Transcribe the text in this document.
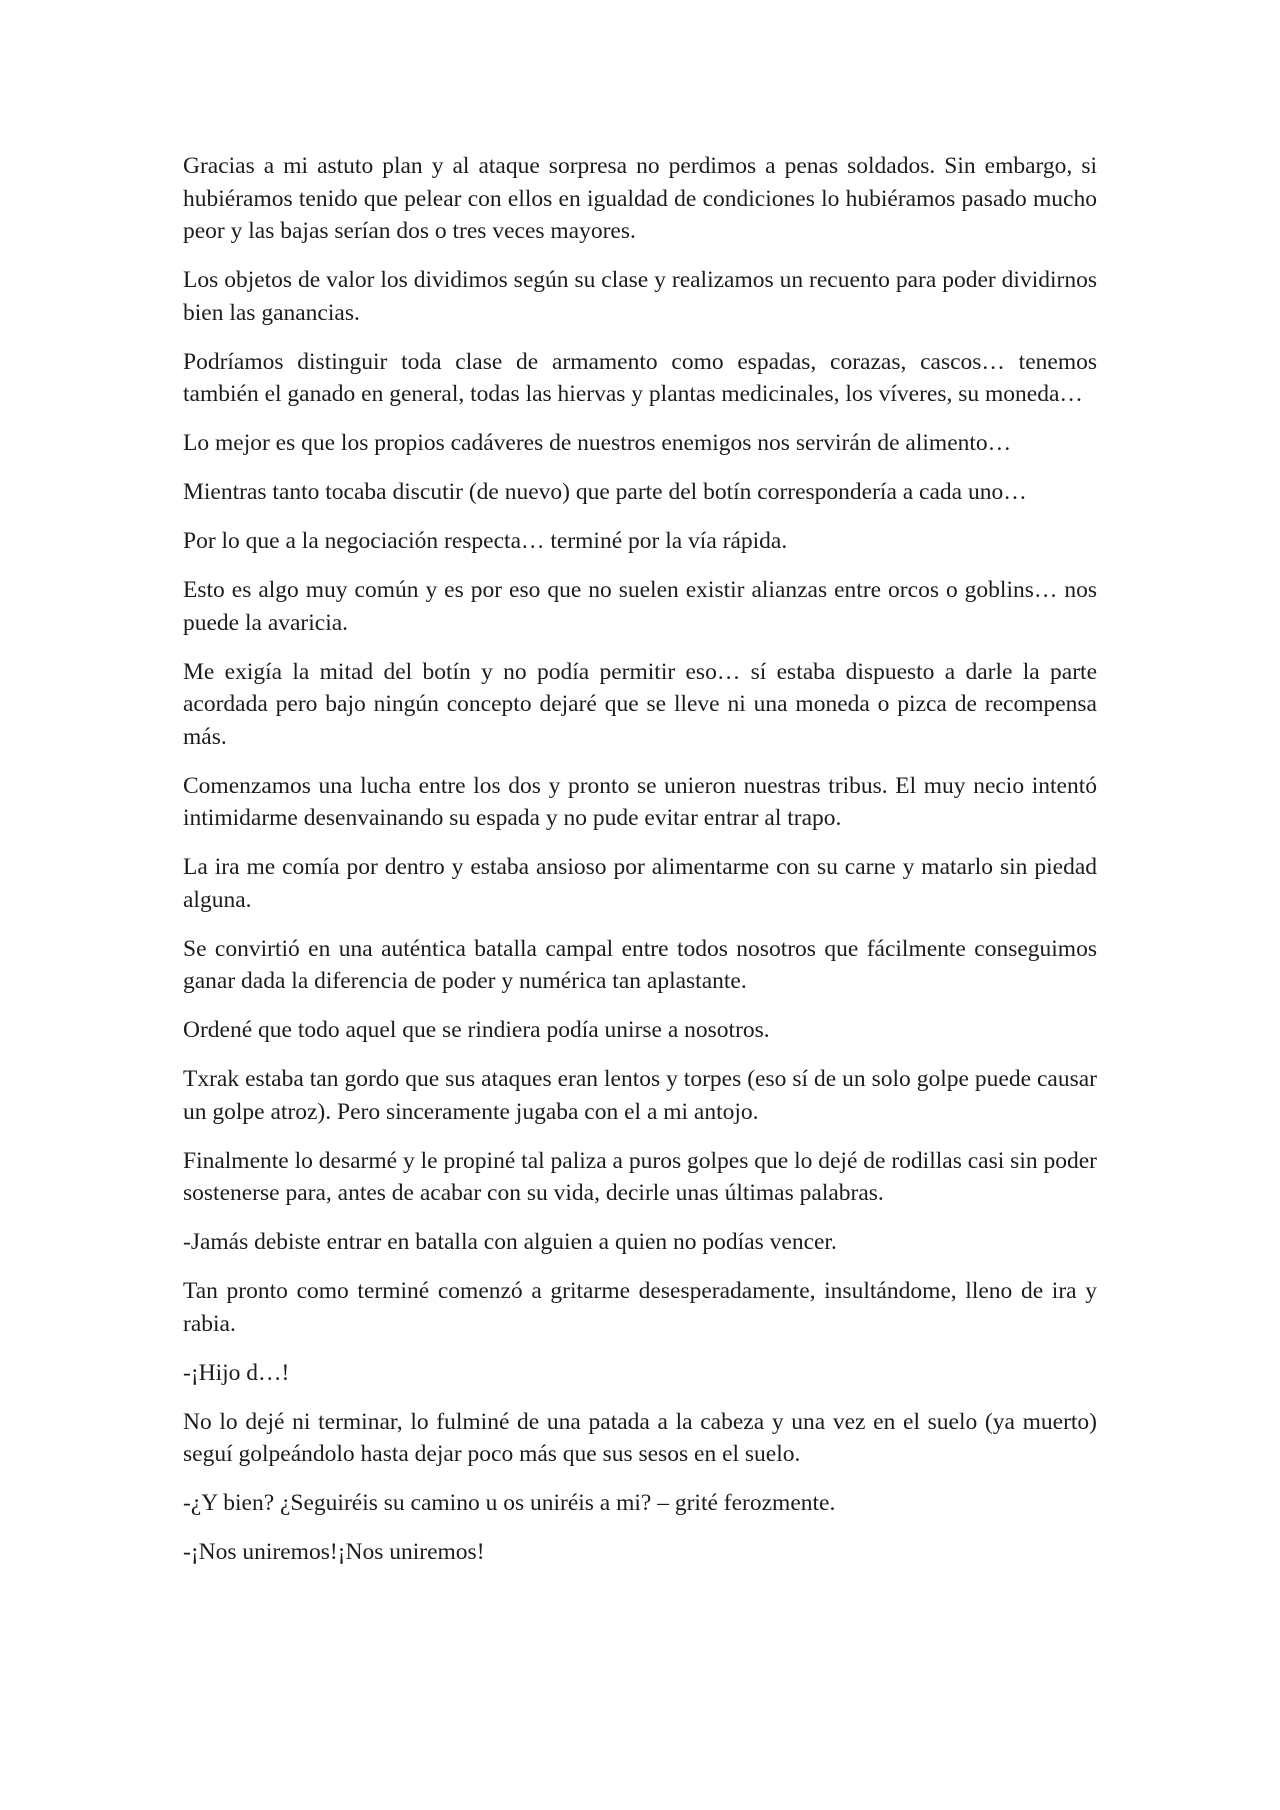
Gracias a mi astuto plan y al ataque sorpresa no perdimos a penas soldados. Sin embargo, si hubiéramos tenido que pelear con ellos en igualdad de condiciones lo hubiéramos pasado mucho peor y las bajas serían dos o tres veces mayores.

Los objetos de valor los dividimos según su clase y realizamos un recuento para poder dividirnos bien las ganancias.

Podríamos distinguir toda clase de armamento como espadas, corazas, cascos… tenemos también el ganado en general, todas las hiervas y plantas medicinales, los víveres, su moneda…

Lo mejor es que los propios cadáveres de nuestros enemigos nos servirán de alimento…

Mientras tanto tocaba discutir (de nuevo) que parte del botín correspondería a cada uno…

Por lo que a la negociación respecta… terminé por la vía rápida.

Esto es algo muy común y es por eso que no suelen existir alianzas entre orcos o goblins… nos puede la avaricia.

Me exigía la mitad del botín y no podía permitir eso… sí estaba dispuesto a darle la parte acordada pero bajo ningún concepto dejaré que se lleve ni una moneda o pizca de recompensa más.

Comenzamos una lucha entre los dos y pronto se unieron nuestras tribus. El muy necio intentó intimidarme desenvainando su espada y no pude evitar entrar al trapo.

La ira me comía por dentro y estaba ansioso por alimentarme con su carne y matarlo sin piedad alguna.

Se convirtió en una auténtica batalla campal entre todos nosotros que fácilmente conseguimos ganar dada la diferencia de poder y numérica tan aplastante.

Ordené que todo aquel que se rindiera podía unirse a nosotros.

Txrak estaba tan gordo que sus ataques eran lentos y torpes (eso sí de un solo golpe puede causar un golpe atroz). Pero sinceramente jugaba con el a mi antojo.

Finalmente lo desarmé y le propiné tal paliza a puros golpes que lo dejé de rodillas casi sin poder sostenerse para, antes de acabar con su vida, decirle unas últimas palabras.

-Jamás debiste entrar en batalla con alguien a quien no podías vencer.

Tan pronto como terminé comenzó a gritarme desesperadamente, insultándome, lleno de ira y rabia.

-¡Hijo d…!

No lo dejé ni terminar, lo fulminé de una patada a la cabeza y una vez en el suelo (ya muerto) seguí golpeándolo hasta dejar poco más que sus sesos en el suelo.

-¿Y bien? ¿Seguiréis su camino u os uniréis a mi? – grité ferozmente.

-¡Nos uniremos!¡Nos uniremos!
